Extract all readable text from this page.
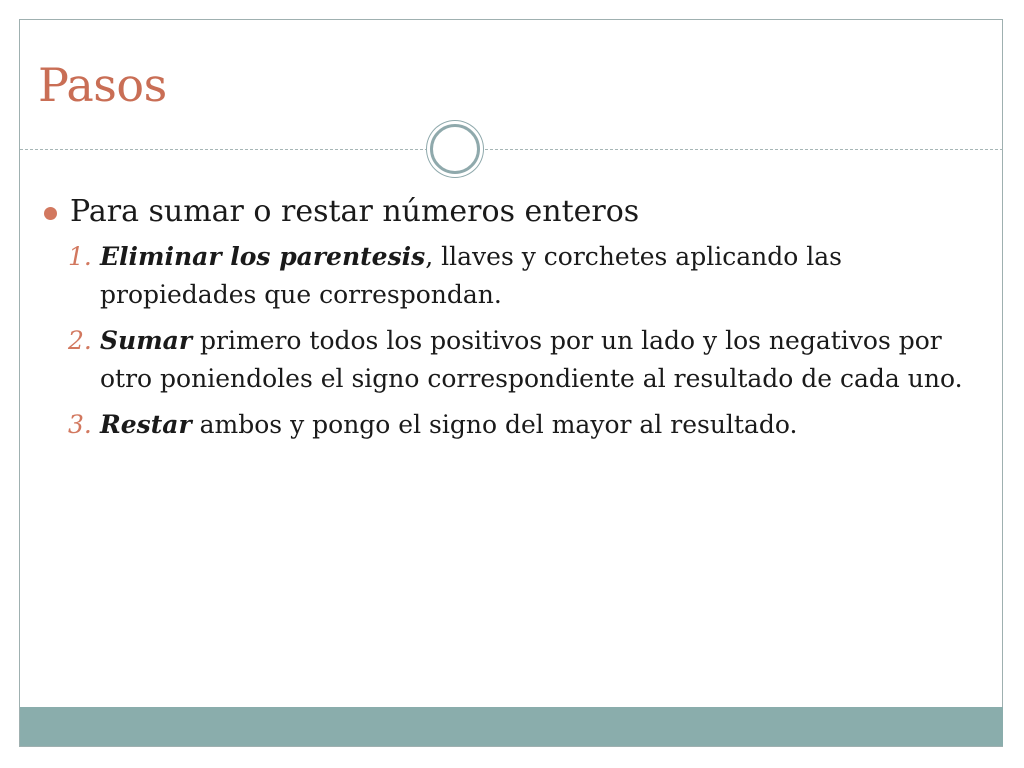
Pasos
Para sumar o restar números enteros
1. Eliminar los parentesis, llaves y corchetes aplicando las propiedades que correspondan.
2. Sumar primero todos los positivos por un lado y los negativos por otro poniendoles el signo correspondiente al resultado de cada uno.
3. Restar ambos y pongo el signo del mayor al resultado.
